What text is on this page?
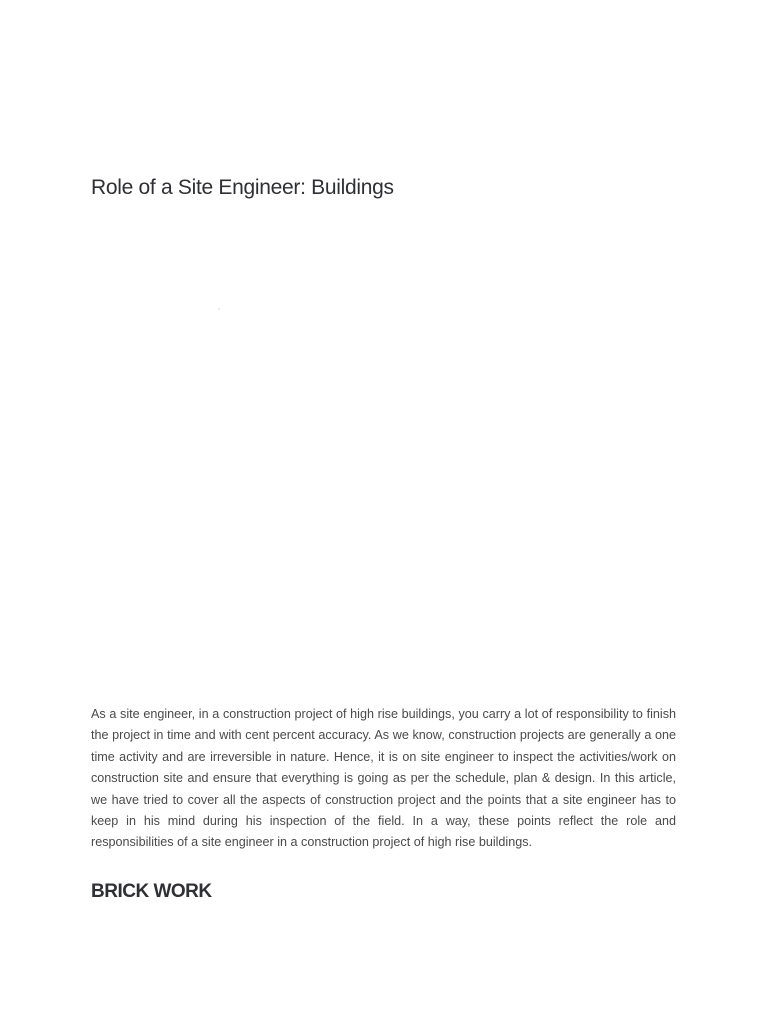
Role of a Site Engineer: Buildings

As a site engineer, in a construction project of high rise buildings, you carry a lot of responsibility to finish the project in time and with cent percent accuracy. As we know, construction projects are generally a one time activity and are irreversible in nature. Hence, it is on site engineer to inspect the activities/work on construction site and ensure that everything is going as per the schedule, plan & design. In this article, we have tried to cover all the aspects of construction project and the points that a site engineer has to keep in his mind during his inspection of the field. In a way, these points reflect the role and responsibilities of a site engineer in a construction project of high rise buildings.

BRICK WORK
